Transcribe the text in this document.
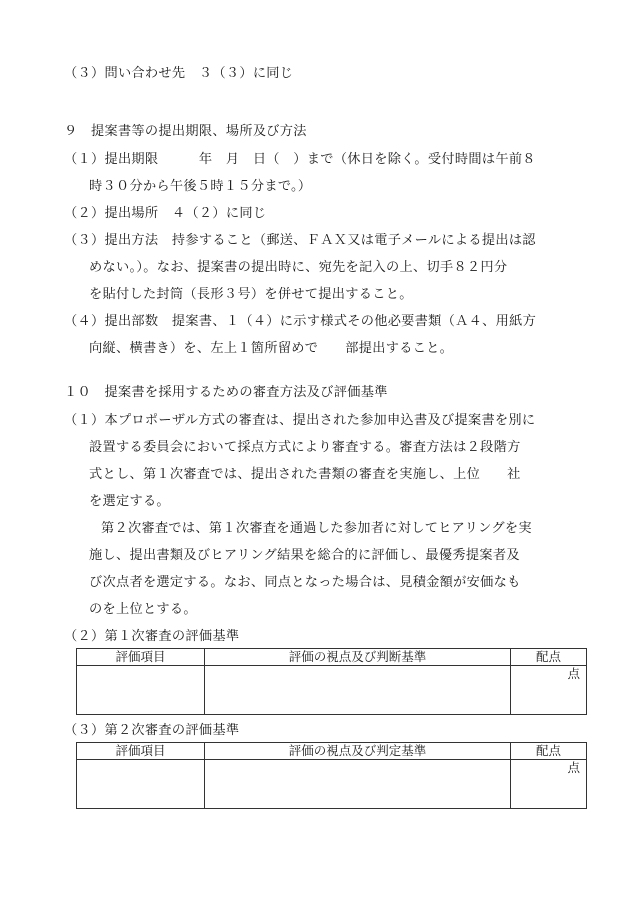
（３）問い合わせ先　３（３）に同じ
９　提案書等の提出期限、場所及び方法
（１）提出期限　　　年　月　日（　）まで（休日を除く。受付時間は午前８
時３０分から午後５時１５分まで。）
（２）提出場所　４（２）に同じ
（３）提出方法　持参すること（郵送、ＦＡＸ又は電子メールによる提出は認
めない。）。なお、提案書の提出時に、宛先を記入の上、切手８２円分
を貼付した封筒（長形３号）を併せて提出すること。
（４）提出部数　提案書、１（４）に示す様式その他必要書類（Ａ４、用紙方
向縦、横書き）を、左上１箇所留めで　　部提出すること。
１０　提案書を採用するための審査方法及び評価基準
（１）本プロポーザル方式の審査は、提出された参加申込書及び提案書を別に
設置する委員会において採点方式により審査する。審査方法は２段階方
式とし、第１次審査では、提出された書類の審査を実施し、上位　　社
を選定する。
第２次審査では、第１次審査を通過した参加者に対してヒアリングを実
施し、提出書類及びヒアリング結果を総合的に評価し、最優秀提案者及
び次点者を選定する。なお、同点となった場合は、見積金額が安価なも
のを上位とする。
（２）第１次審査の評価基準
評価項目	評価の視点及び判断基準	配点
		点
（３）第２次審査の評価基準
評価項目	評価の視点及び判定基準	配点
		点
